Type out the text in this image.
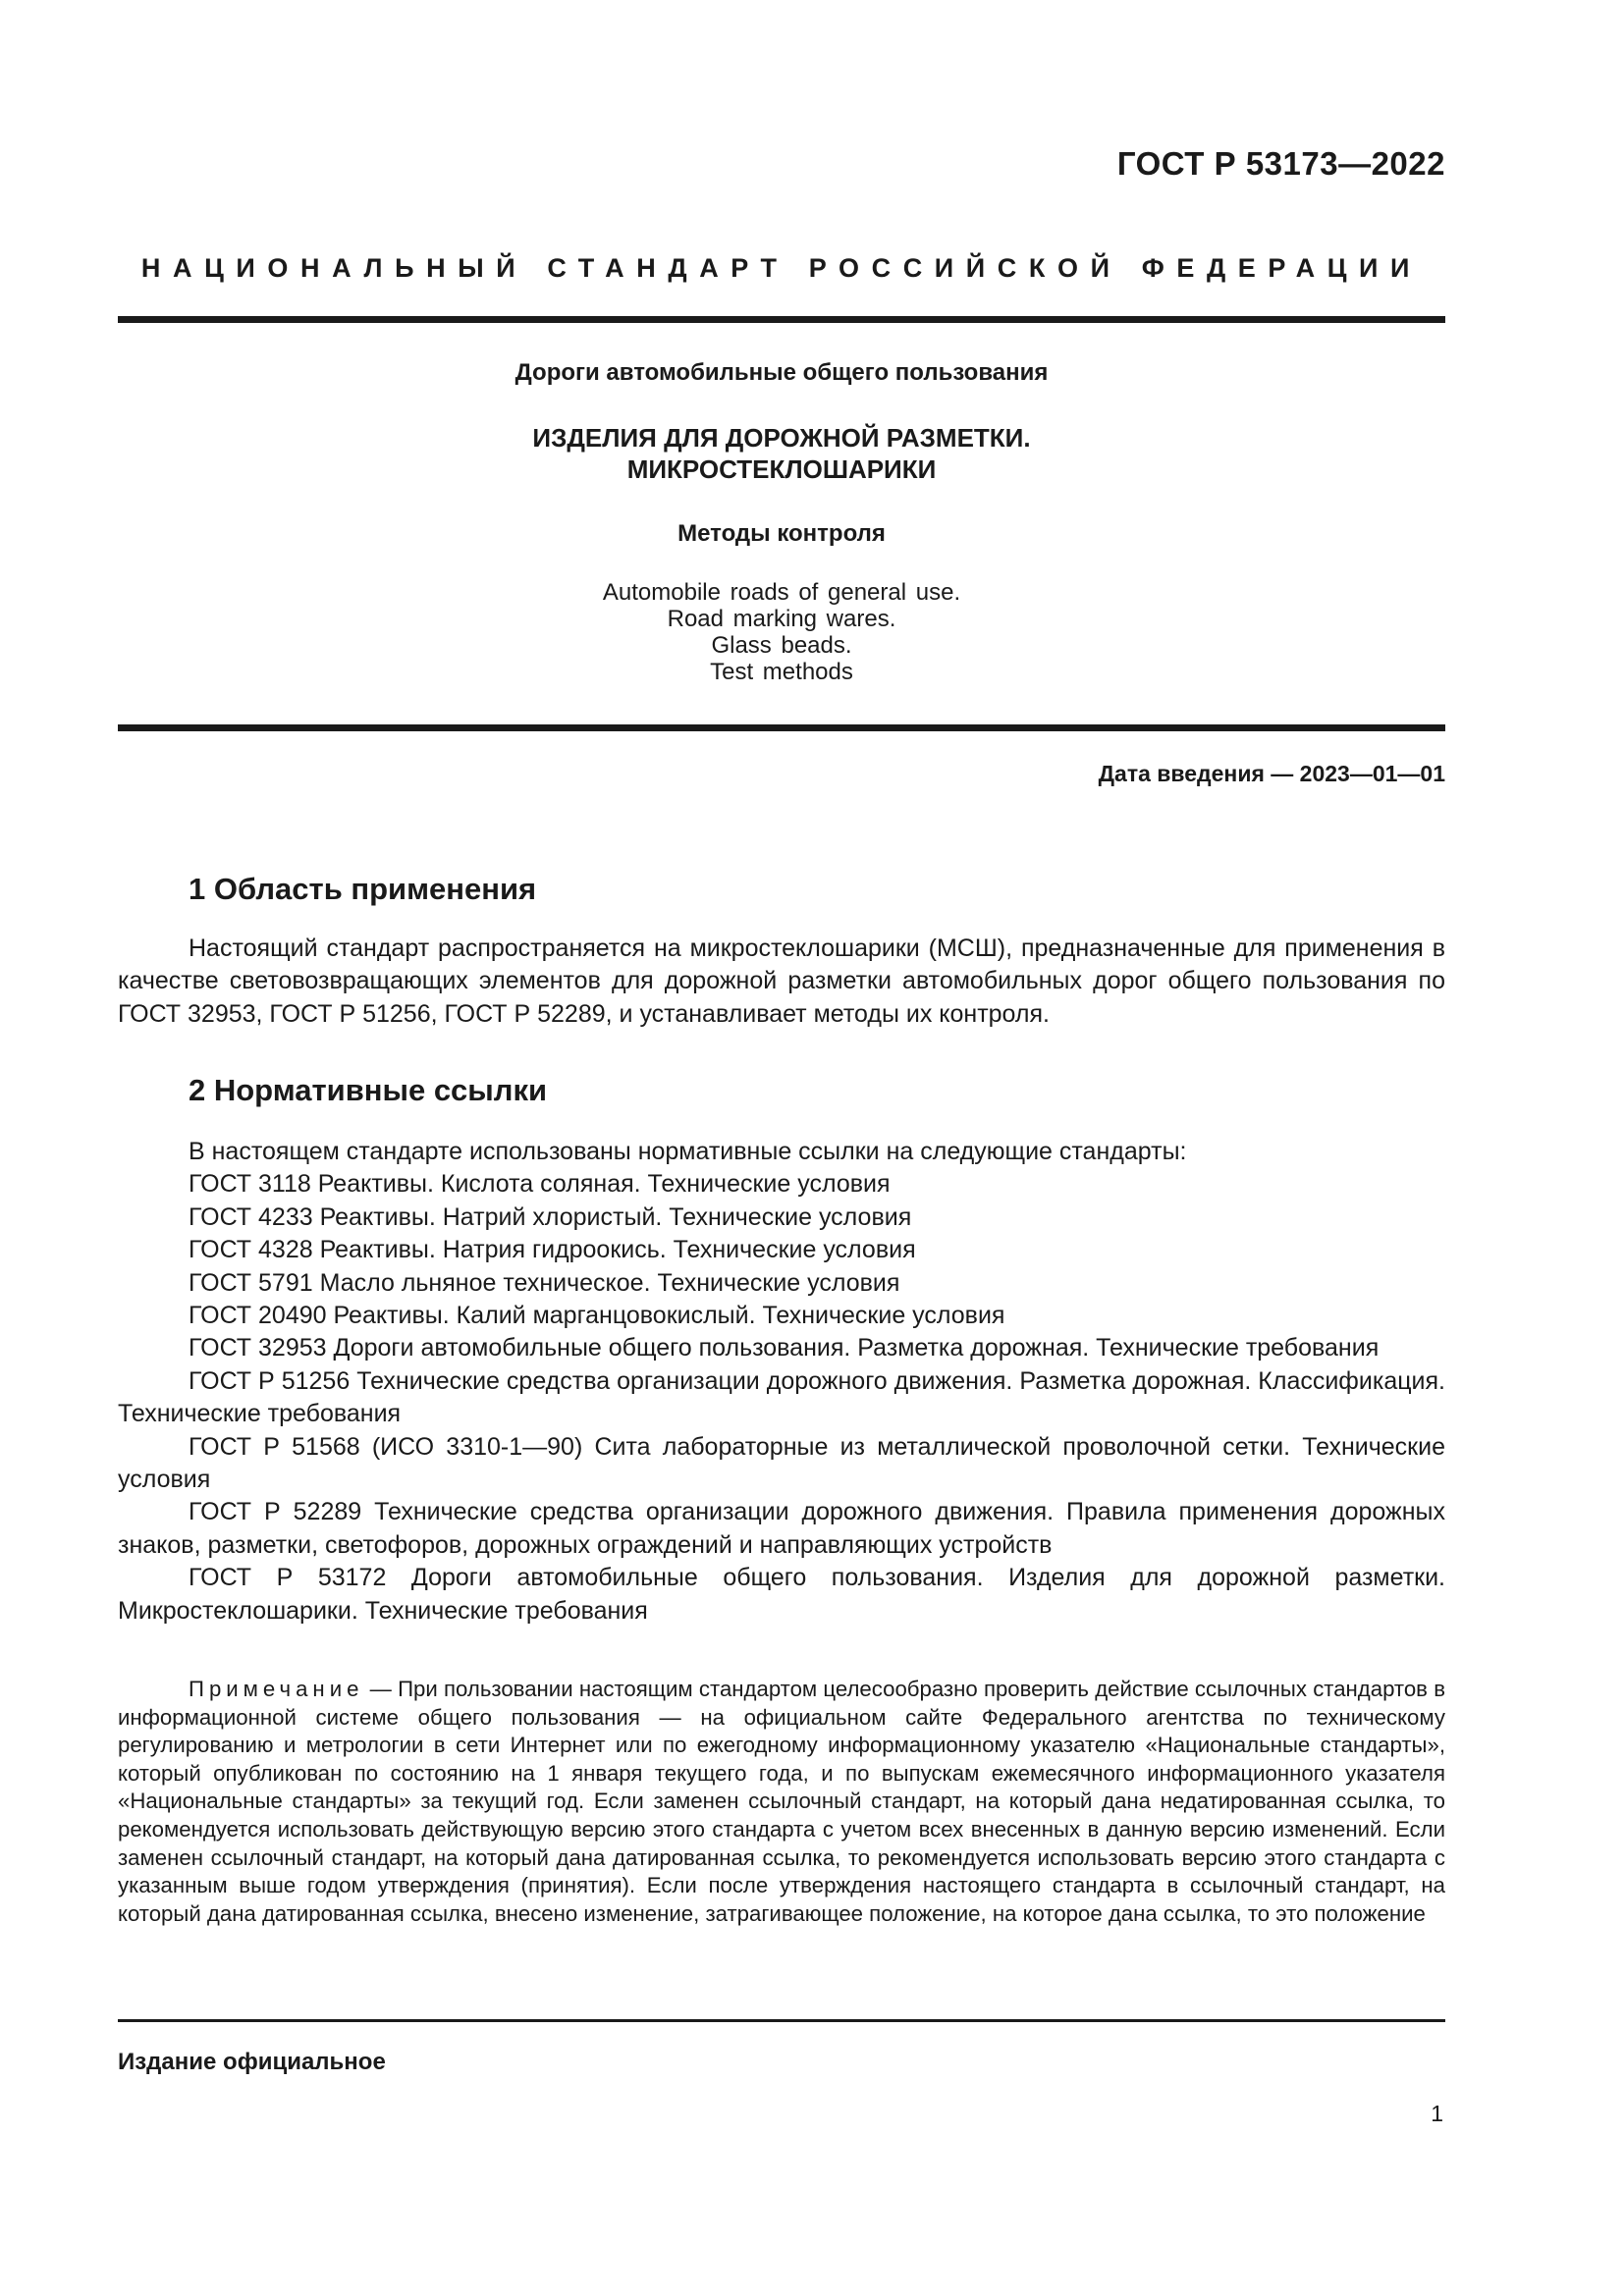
ГОСТ Р 53173—2022
НАЦИОНАЛЬНЫЙ СТАНДАРТ РОССИЙСКОЙ ФЕДЕРАЦИИ
Дороги автомобильные общего пользования
ИЗДЕЛИЯ ДЛЯ ДОРОЖНОЙ РАЗМЕТКИ.
МИКРОСТЕКЛОШАРИКИ
Методы контроля
Automobile roads of general use.
Road marking wares.
Glass beads.
Test methods
Дата введения — 2023—01—01
1 Область применения

Настоящий стандарт распространяется на микростеклошарики (МСШ), предназначенные для применения в качестве световозвращающих элементов для дорожной разметки автомобильных дорог общего пользования по ГОСТ 32953, ГОСТ Р 51256, ГОСТ Р 52289, и устанавливает методы их контроля.

2 Нормативные ссылки

В настоящем стандарте использованы нормативные ссылки на следующие стандарты:

ГОСТ 3118 Реактивы. Кислота соляная. Технические условия

ГОСТ 4233 Реактивы. Натрий хлористый. Технические условия

ГОСТ 4328 Реактивы. Натрия гидроокись. Технические условия

ГОСТ 5791 Масло льняное техническое. Технические условия

ГОСТ 20490 Реактивы. Калий марганцовокислый. Технические условия

ГОСТ 32953 Дороги автомобильные общего пользования. Разметка дорожная. Технические требования

ГОСТ Р 51256 Технические средства организации дорожного движения. Разметка дорожная. Классификация. Технические требования

ГОСТ Р 51568 (ИСО 3310-1—90) Сита лабораторные из металлической проволочной сетки. Технические условия

ГОСТ Р 52289 Технические средства организации дорожного движения. Правила применения дорожных знаков, разметки, светофоров, дорожных ограждений и направляющих устройств

ГОСТ Р 53172 Дороги автомобильные общего пользования. Изделия для дорожной разметки. Микростеклошарики. Технические требования

Примечание — При пользовании настоящим стандартом целесообразно проверить действие ссылочных стандартов в информационной системе общего пользования — на официальном сайте Федерального агентства по техническому регулированию и метрологии в сети Интернет или по ежегодному информационному указателю «Национальные стандарты», который опубликован по состоянию на 1 января текущего года, и по выпускам ежемесячного информационного указателя «Национальные стандарты» за текущий год. Если заменен ссылочный стандарт, на который дана недатированная ссылка, то рекомендуется использовать действующую версию этого стандарта с учетом всех внесенных в данную версию изменений. Если заменен ссылочный стандарт, на который дана датированная ссылка, то рекомендуется использовать версию этого стандарта с указанным выше годом утверждения (принятия). Если после утверждения настоящего стандарта в ссылочный стандарт, на который дана датированная ссылка, внесено изменение, затрагивающее положение, на которое дана ссылка, то это положение

Издание официальное
1
